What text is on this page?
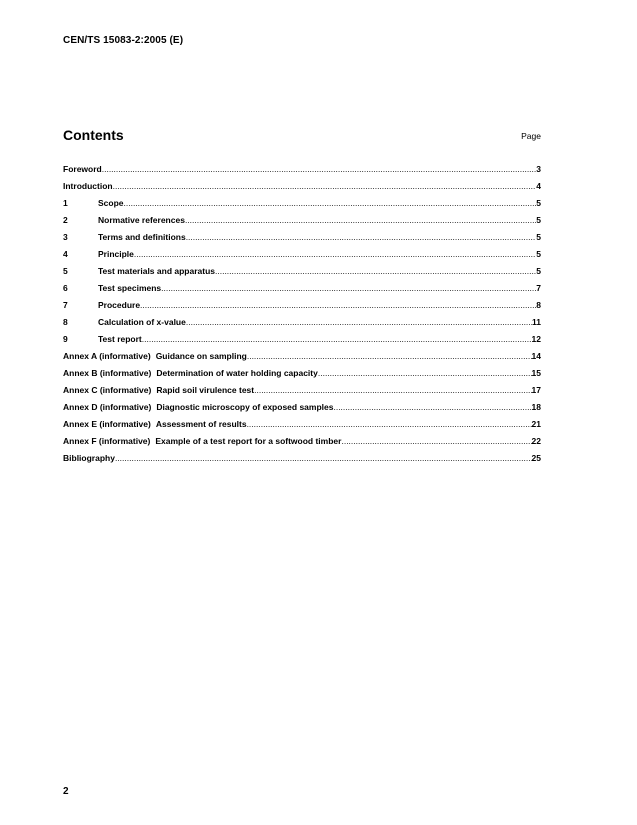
CEN/TS 15083-2:2005 (E)
Contents	Page
Foreword .....	3
Introduction .....	4
1	Scope .....	5
2	Normative references .....	5
3	Terms and definitions .....	5
4	Principle .....	5
5	Test materials and apparatus .....	5
6	Test specimens .....	7
7	Procedure .....	8
8	Calculation of x-value .....	11
9	Test report .....	12
Annex A (informative) Guidance on sampling .....	14
Annex B (informative) Determination of water holding capacity .....	15
Annex C (informative) Rapid soil virulence test .....	17
Annex D (informative) Diagnostic microscopy of exposed samples .....	18
Annex E (informative) Assessment of results .....	21
Annex F (informative) Example of a test report for a softwood timber .....	22
Bibliography .....	25
2
